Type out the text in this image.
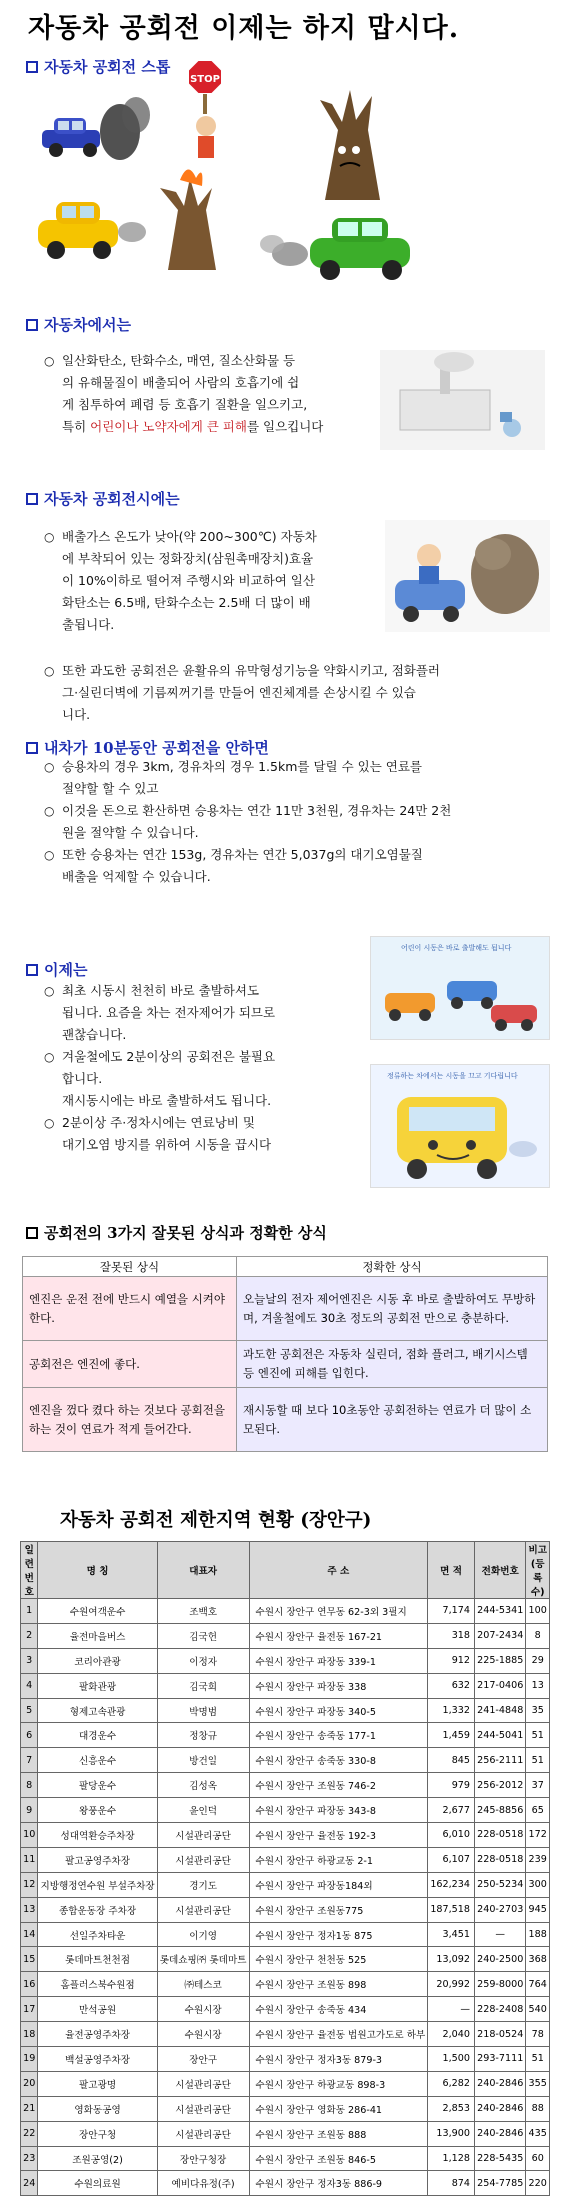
자동차 공회전 이제는 하지 맙시다.
자동차 공회전 스톱
STOP
자동차에서는
○ 일산화탄소, 탄화수소, 매연, 질소산화물 등
의 유해물질이 배출되어 사람의 호흡기에 쉽
게 침투하여 폐렴 등 호흡기 질환을 일으키고,
특히 어린이나 노약자에게 큰 피해를 일으킵니다
자동차 공회전시에는
○ 배출가스 온도가 낮아(약 200~300℃) 자동차
에 부착되어 있는 정화장치(삼원촉매장치)효율
이 10%이하로 떨어져 주행시와 비교하여 일산
화탄소는 6.5배, 탄화수소는 2.5배 더 많이 배
출됩니다.
○ 또한 과도한 공회전은 윤활유의 유막형성기능을 약화시키고, 점화플러
그·실린더벽에 기름찌꺼기를 만들어 엔진체계를 손상시킬 수 있습
니다.
내차가 10분동안 공회전을 안하면
○ 승용차의 경우 3km, 경유차의 경우 1.5km를 달릴 수 있는 연료를
절약할 할 수 있고
○ 이것을 돈으로 환산하면 승용차는 연간 11만 3천원, 경유차는 24만 2천
원을 절약할 수 있습니다.
○ 또한 승용차는 연간 153g, 경유차는 연간 5,037g의 대기오염물질
배출을 억제할 수 있습니다.
이제는
○ 최초 시동시 천천히 바로 출발하셔도
됩니다. 요즘을 차는 전자제어가 되므로
괜찮습니다.
○ 겨울철에도 2분이상의 공회전은 불필요
합니다.
재시동시에는 바로 출발하셔도 됩니다.
○ 2분이상 주·정차시에는 연료낭비 및
대기오염 방지를 위하여 시동을 끕시다
어린이 시동은 바로 출발해도 됩니다
정류하는 차에서는 시동을 끄고 기다립니다
공회전의 3가지 잘못된 상식과 정확한 상식
잘못된 상식	정확한 상식
엔진은 운전 전에 반드시 예열을 시켜야 한다.	오늘날의 전자 제어엔진은 시동 후 바로 출발하여도 무방하며, 겨울철에도 30초 정도의 공회전 만으로 충분하다.
공회전은 엔진에 좋다.	과도한 공회전은 자동차 실린더, 점화 플러그, 배기시스템 등 엔진에 피해를 입힌다.
엔진을 껐다 켰다 하는 것보다 공회전을 하는 것이 연료가 적게 들어간다.	재시동할 때 보다 10초동안 공회전하는 연료가 더 많이 소모된다.
자동차 공회전 제한지역 현황 (장안구)
일련번호	명 칭	대표자	주 소	면 적	전화번호	비고(등록수)
1	수원여객운수	조백호	수원시 장안구 연무동 62-3외 3필지	7,174	244-5341	100
2	율전마을버스	김국헌	수원시 장안구 율전동 167-21	318	207-2434	8
3	코리아관광	이정자	수원시 장안구 파장동 339-1	912	225-1885	29
4	팔화관광	김국희	수원시 장안구 파장동 338	632	217-0406	13
5	형제고속관광	박명범	수원시 장안구 파장동 340-5	1,332	241-4848	35
6	대경운수	정창규	수원시 장안구 송죽동 177-1	1,459	244-5041	51
7	신흥운수	방건일	수원시 장안구 송죽동 330-8	845	256-2111	51
8	팔당운수	김성옥	수원시 장안구 조원동 746-2	979	256-2012	37
9	왕풍운수	윤인덕	수원시 장안구 파장동 343-8	2,677	245-8856	65
10	성대역환승주차장	시설관리공단	수원시 장안구 율전동 192-3	6,010	228-0518	172
11	팔고공영주차장	시설관리공단	수원시 장안구 하광교동 2-1	6,107	228-0518	239
12	지방행정연수원 부설주차장	경기도	수원시 장안구 파장동184외	162,234	250-5234	300
13	종합운동장 주차장	시설관리공단	수원시 장안구 조원동775	187,518	240-2703	945
14	선일주차타운	이기영	수원시 장안구 정자1동 875	3,451	—	188
15	롯데마트천천점	롯데쇼핑㈜ 롯데마트	수원시 장안구 천천동 525	13,092	240-2500	368
16	홈플러스북수원점	㈜테스코	수원시 장안구 조원동 898	20,992	259-8000	764
17	만석공원	수원시장	수원시 장안구 송죽동 434	—	228-2408	540
18	율전공영주차장	수원시장	수원시 장안구 율전동 법원고가도로 하부	2,040	218-0524	78
19	백설공영주차장	장안구	수원시 장안구 정자3동 879-3	1,500	293-7111	51
20	팔고광명	시설관리공단	수원시 장안구 하광교동 898-3	6,282	240-2846	355
21	영화동공영	시설관리공단	수원시 장안구 영화동 286-41	2,853	240-2846	88
22	장안구청	시설관리공단	수원시 장안구 조원동 888	13,900	240-2846	435
23	조원공영(2)	장안구청장	수원시 장안구 조원동 846-5	1,128	228-5435	60
24	수원의료원	예비다유정(주)	수원시 장안구 정자3동 886-9	874	254-7785	220
